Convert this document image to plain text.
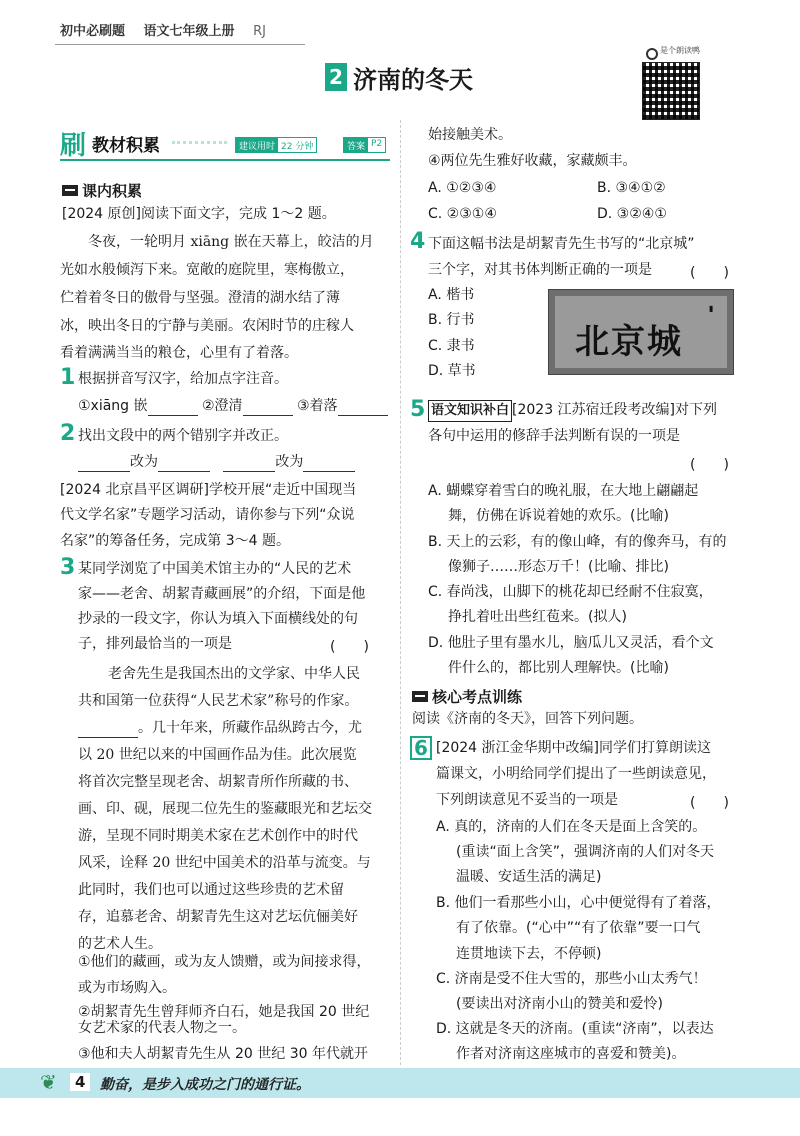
初中必刷题 语文七年级上册 RJ
2 济南的冬天
是个朗读鸭
刷 教材积累	建议用时 22 分钟	答案 P2
课内积累
[2024 原创]阅读下面文字，完成 1～2 题。
冬夜，一轮明月 xiāng 嵌在天幕上，皎洁的月
光如水般倾泻下来。宽敞的庭院里，寒梅傲立，
伫着着冬日的傲骨与坚强。澄清的湖水结了薄
冰，映出冬日的宁静与美丽。农闲时节的庄稼人
看着满满当当的粮仓，心里有了着落。
1 根据拼音写汉字，给加点字注音。
①xiāng 嵌	②澄清	③着落
2 找出文段中的两个错别字并改正。
改为	改为
[2024 北京昌平区调研]学校开展“走近中国现当
代文学名家”专题学习活动，请你参与下列“众说
名家”的筹备任务，完成第 3～4 题。
3 某同学浏览了中国美术馆主办的“人民的艺术
家——老舍、胡絜青藏画展”的介绍，下面是他
抄录的一段文字，你认为填入下面横线处的句
子，排列最恰当的一项是	(　　)
老舍先生是我国杰出的文学家、中华人民
共和国第一位获得“人民艺术家”称号的作家。
。几十年来，所藏作品纵跨古今，尤
以 20 世纪以来的中国画作品为佳。此次展览
将首次完整呈现老舍、胡絜青所作所藏的书、
画、印、砚，展现二位先生的鉴藏眼光和艺坛交
游，呈现不同时期美术家在艺术创作中的时代
风采，诠释 20 世纪中国美术的沿革与流变。与
此同时，我们也可以通过这些珍贵的艺术留
存，追慕老舍、胡絜青先生这对艺坛伉俪美好
的艺术人生。
①他们的藏画，或为友人馈赠，或为间接求得，
或为市场购入。
②胡絜青先生曾拜师齐白石，她是我国 20 世纪
女艺术家的代表人物之一。
始接触美术。
④两位先生雅好收藏，家藏颇丰。
A. ①②③④	B. ③④①②
C. ②③①④	D. ③②④①
4 下面这幅书法是胡絜青先生书写的“北京城”
三个字，对其书体判断正确的一项是	(　　)
A. 楷书
B. 行书
C. 隶书
D. 草书
北京城
▮
5 语文知识补白 [2023 江苏宿迁段考改编]对下列
各句中运用的修辞手法判断有误的一项是
(　　)
A. 蝴蝶穿着雪白的晚礼服，在大地上翩翩起
舞，仿佛在诉说着她的欢乐。(比喻)
B. 天上的云彩，有的像山峰，有的像奔马，有的
像狮子……形态万千！(比喻、排比)
C. 春尚浅，山脚下的桃花却已经耐不住寂寞，
挣扎着吐出些红苞来。(拟人)
D. 他肚子里有墨水儿，脑瓜儿又灵活，看个文
件什么的，都比别人理解快。(比喻)
核心考点训练
阅读《济南的冬天》，回答下列问题。
6 [2024 浙江金华期中改编]同学们打算朗读这
篇课文，小明给同学们提出了一些朗读意见，
下列朗读意见不妥当的一项是	(　　)
A. 真的，济南的人们在冬天是面上含笑的。
(重读“面上含笑”，强调济南的人们对冬天
温暖、安适生活的满足)
B. 他们一看那些小山，心中便觉得有了着落，
有了依靠。(“心中”“有了依靠”要一口气
连贯地读下去，不停顿)
C. 济南是受不住大雪的，那些小山太秀气！
(要读出对济南小山的赞美和爱怜)
D. 这就是冬天的济南。(重读“济南”，以表达
作者对济南这座城市的喜爱和赞美)。
❦	4	勤奋，是步入成功之门的通行证。
③他和夫人胡絜青先生从 20 世纪 30 年代就开
